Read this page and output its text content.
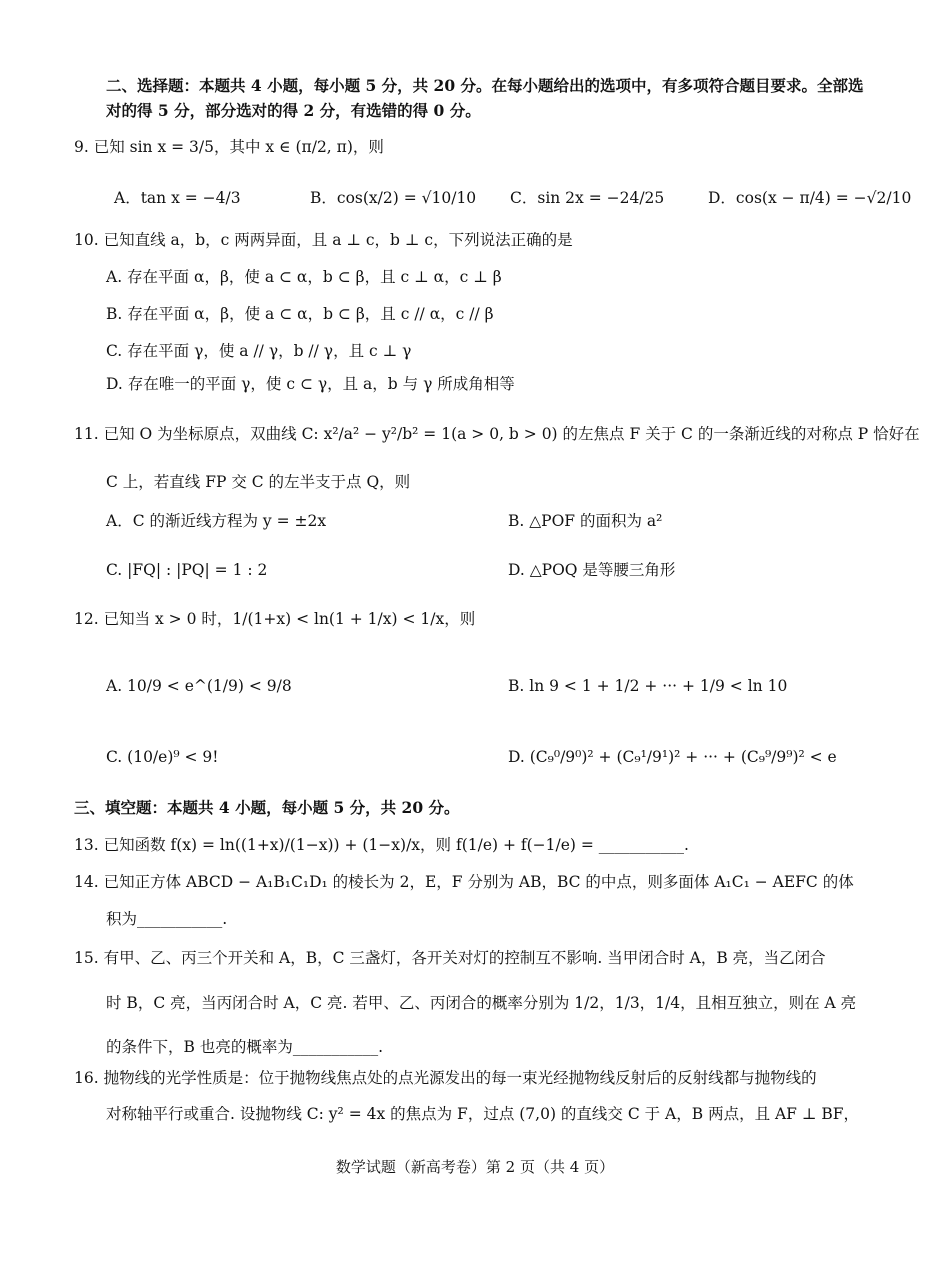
二、选择题：本题共 4 小题，每小题 5 分，共 20 分。在每小题给出的选项中，有多项符合题目要求。全部选
对的得 5 分，部分选对的得 2 分，有选错的得 0 分。
9. 已知 sin x = 3/5，其中 x ∈ (π/2, π)，则
A．tan x = −4/3	B．cos(x/2) = √10/10 C．sin 2x = −24/25	D．cos(x − π/4) = −√2/10
10. 已知直线 a，b，c 两两异面，且 a ⊥ c，b ⊥ c，下列说法正确的是
A. 存在平面 α，β，使 a ⊂ α，b ⊂ β，且 c ⊥ α，c ⊥ β
B. 存在平面 α，β，使 a ⊂ α，b ⊂ β，且 c // α，c // β
C. 存在平面 γ，使 a // γ，b // γ，且 c ⊥ γ
D. 存在唯一的平面 γ，使 c ⊂ γ，且 a，b 与 γ 所成角相等
11. 已知 O 为坐标原点，双曲线 C: x²/a² − y²/b² = 1(a > 0, b > 0) 的左焦点 F 关于 C 的一条渐近线的对称点 P 恰好在
C 上，若直线 FP 交 C 的左半支于点 Q，则
A．C 的渐近线方程为 y = ±2x	B. △POF 的面积为 a²
C. |FQ| : |PQ| = 1 : 2	D. △POQ 是等腰三角形
12. 已知当 x > 0 时，1/(1+x) < ln(1 + 1/x) < 1/x，则
A. 10/9 < e^(1/9) < 9/8	B. ln 9 < 1 + 1/2 + ··· + 1/9 < ln 10
C. (10/e)⁹ < 9!	D. (C₉⁰/9⁰)² + (C₉¹/9¹)² + ··· + (C₉⁹/9⁹)² < e
三、填空题：本题共 4 小题，每小题 5 分，共 20 分。
13. 已知函数 f(x) = ln((1+x)/(1−x)) + (1−x)/x，则 f(1/e) + f(−1/e) = ___________.
14. 已知正方体 ABCD − A₁B₁C₁D₁ 的棱长为 2，E，F 分别为 AB，BC 的中点，则多面体 A₁C₁ − AEFC 的体
积为___________.
15. 有甲、乙、丙三个开关和 A，B，C 三盏灯，各开关对灯的控制互不影响. 当甲闭合时 A，B 亮，当乙闭合
时 B，C 亮，当丙闭合时 A，C 亮. 若甲、乙、丙闭合的概率分别为 1/2，1/3，1/4，且相互独立，则在 A 亮
的条件下，B 也亮的概率为___________.
16. 抛物线的光学性质是：位于抛物线焦点处的点光源发出的每一束光经抛物线反射后的反射线都与抛物线的
对称轴平行或重合. 设抛物线 C: y² = 4x 的焦点为 F，过点 (7,0) 的直线交 C 于 A，B 两点，且 AF ⊥ BF，
数学试题（新高考卷）第 2 页（共 4 页）
